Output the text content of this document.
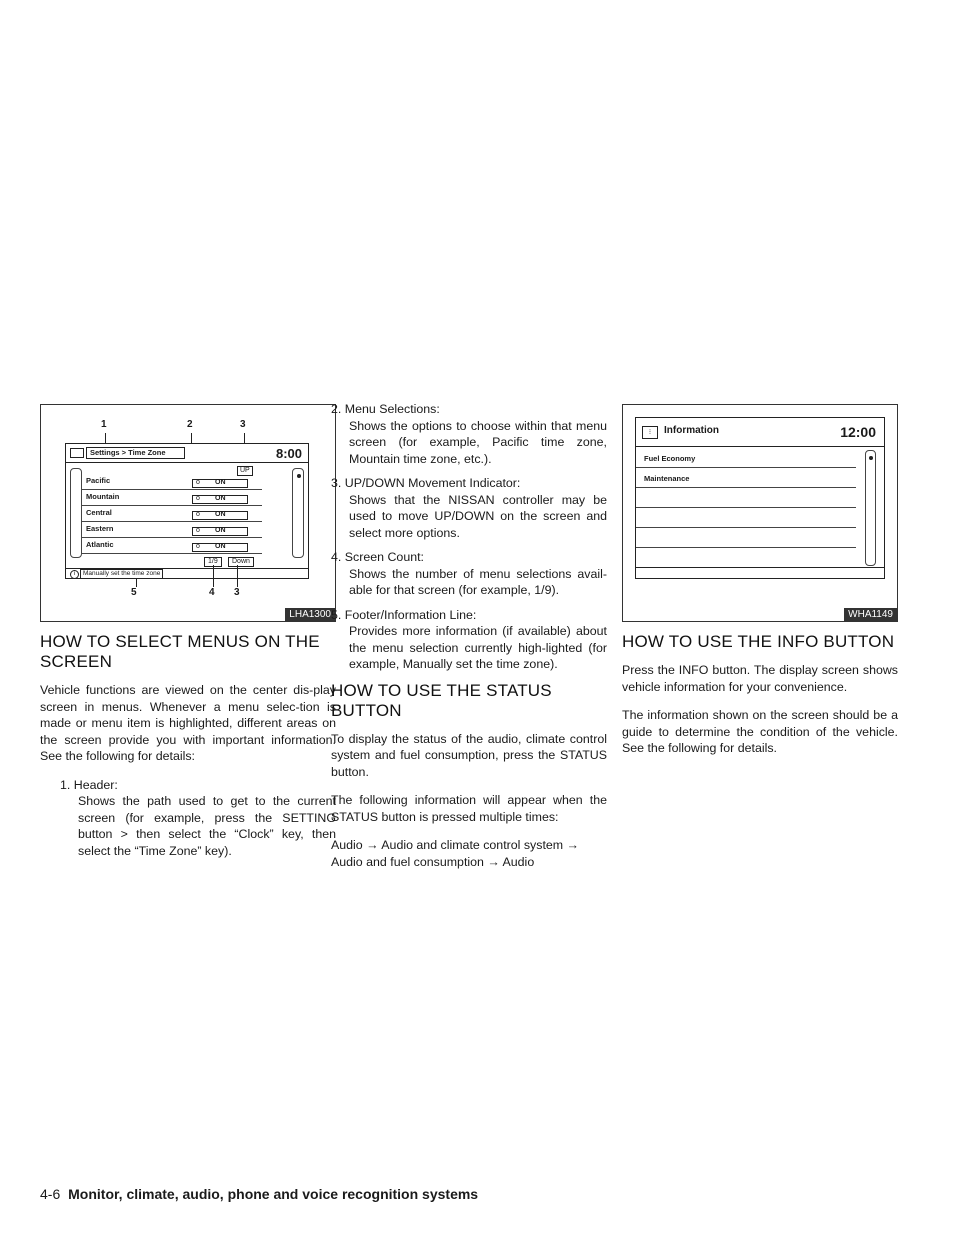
1	2	3
Settings > Time Zone	8:00
UP
Pacific	o ON
Mountain	o ON
Central	o ON
Eastern	o ON
Atlantic	o ON
1/9	Down
i	Manually set the time zone
5	4 3
LHA1300
HOW TO SELECT MENUS ON THE SCREEN

Vehicle functions are viewed on the center dis-play screen in menus. Whenever a menu selec-tion is made or menu item is highlighted, different areas on the screen provide you with important information. See the following for details:

1. Header:
Shows the path used to get to the current screen (for example, press the SETTING button > then select the “Clock” key, then select the “Time Zone” key).
2. Menu Selections:
Shows the options to choose within that menu screen (for example, Pacific time zone, Mountain time zone, etc.).
3. UP/DOWN Movement Indicator:
Shows that the NISSAN controller may be used to move UP/DOWN on the screen and select more options.
4. Screen Count:
Shows the number of menu selections avail-able for that screen (for example, 1/9).
5. Footer/Information Line:
Provides more information (if available) about the menu selection currently high-lighted (for example, Manually set the time zone).
HOW TO USE THE STATUS BUTTON

To display the status of the audio, climate control system and fuel consumption, press the STATUS button.

The following information will appear when the STATUS button is pressed multiple times:

Audio → Audio and climate control system → Audio and fuel consumption → Audio

⁝	Information	12:00
Fuel Economy
Maintenance
WHA1149
HOW TO USE THE INFO BUTTON

Press the INFO button. The display screen shows vehicle information for your convenience.

The information shown on the screen should be a guide to determine the condition of the vehicle. See the following for details.

4-6 Monitor, climate, audio, phone and voice recognition systems
